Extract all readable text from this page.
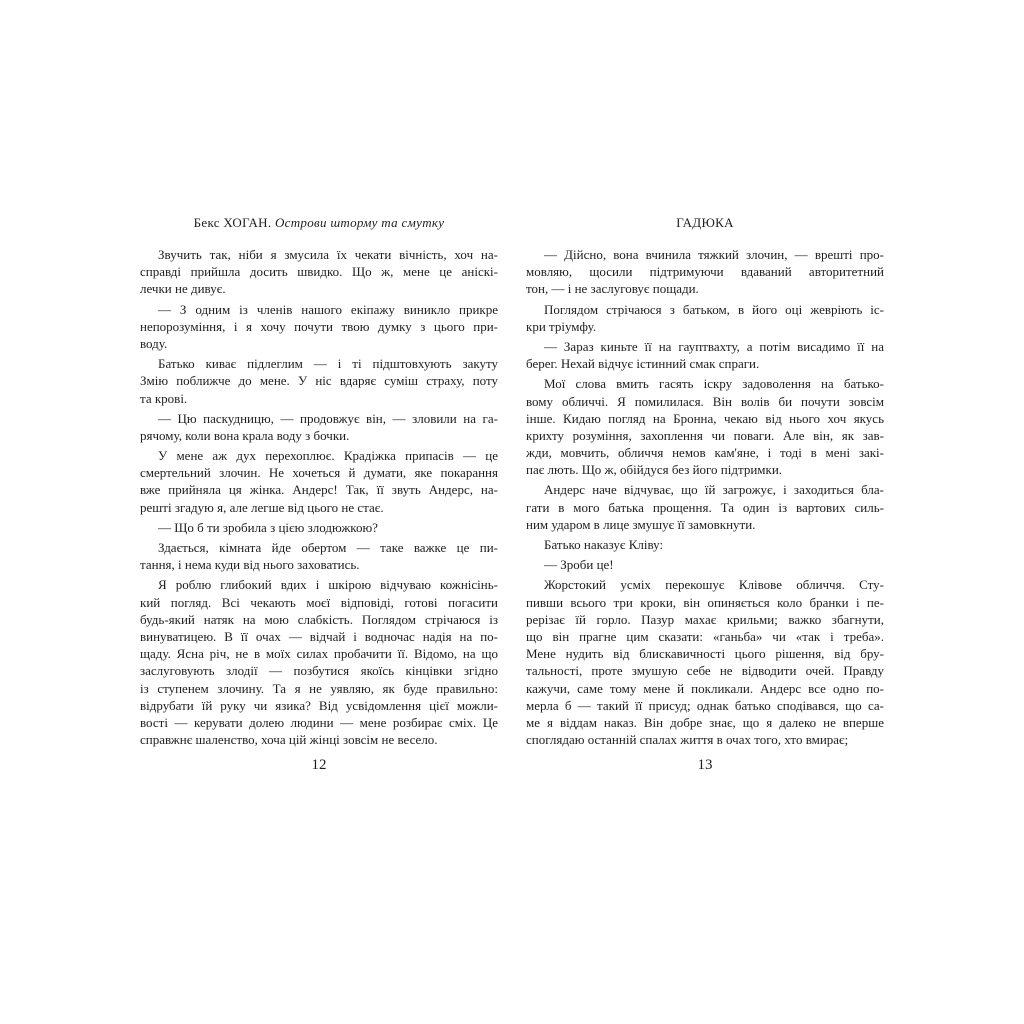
Бекс ХОГАН. Острови шторму та смутку
Звучить так, ніби я змусила їх чекати вічність, хоч на-
справді прийшла досить швидко. Що ж, мене це аніскі-
лечки не дивує.
— З одним із членів нашого екіпажу виникло прикре
непорозуміння, і я хочу почути твою думку з цього при-
воду.
Батько киває підлеглим — і ті підштовхують закуту
Змію поближче до мене. У ніс вдаряє суміш страху, поту
та крові.
— Цю паскудницю, — продовжує він, — зловили на га-
рячому, коли вона крала воду з бочки.
У мене аж дух перехоплює. Крадіжка припасів — це
смертельний злочин. Не хочеться й думати, яке покарання
вже прийняла ця жінка. Андерс! Так, її звуть Андерс, на-
решті згадую я, але легше від цього не стає.
— Що б ти зробила з цією злодюжкою?
Здається, кімната йде обертом — таке важке це пи-
тання, і нема куди від нього заховатись.
Я роблю глибокий вдих і шкірою відчуваю кожнісінь-
кий погляд. Всі чекають моєї відповіді, готові погасити
будь-який натяк на мою слабкість. Поглядом стрічаюся із
винуватицею. В її очах — відчай і водночас надія на по-
щаду. Ясна річ, не в моїх силах пробачити її. Відомо, на що
заслуговують злодії — позбутися якоїсь кінцівки згідно
із ступенем злочину. Та я не уявляю, як буде правильно:
відрубати їй руку чи язика? Від усвідомлення цієї можли-
вості — керувати долею людини — мене розбирає сміх. Це
справжнє шаленство, хоча цій жінці зовсім не весело.
ГАДЮКА
— Дійсно, вона вчинила тяжкий злочин, — врешті про-
мовляю, щосили підтримуючи вдаваний авторитетний
тон, — і не заслуговує пощади.
Поглядом стрічаюся з батьком, в його оці жевріють іс-
кри тріумфу.
— Зараз киньте її на гауптвахту, а потім висадимо її на
берег. Нехай відчує істинний смак спраги.
Мої слова вмить гасять іскру задоволення на батько-
вому обличчі. Я помилилася. Він волів би почути зовсім
інше. Кидаю погляд на Бронна, чекаю від нього хоч якусь
крихту розуміння, захоплення чи поваги. Але він, як зав-
жди, мовчить, обличчя немов кам'яне, і тоді в мені закі-
пає лють. Що ж, обійдуся без його підтримки.
Андерс наче відчуває, що їй загрожує, і заходиться бла-
гати в мого батька прощення. Та один із вартових силь-
ним ударом в лице змушує її замовкнути.
Батько наказує Кліву:
— Зроби це!
Жорстокий усміх перекошує Клівове обличчя. Сту-
пивши всього три кроки, він опиняється коло бранки і пе-
рерізає їй горло. Пазур махає крильми; важко збагнути,
що він прагне цим сказати: «ганьба» чи «так і треба».
Мене нудить від блискавичності цього рішення, від бру-
тальності, проте змушую себе не відводити очей. Правду
кажучи, саме тому мене й покликали. Андерс все одно по-
мерла б — такий її присуд; однак батько сподівався, що са-
ме я віддам наказ. Він добре знає, що я далеко не вперше
споглядаю останній спалах життя в очах того, хто вмирає;
12	13
